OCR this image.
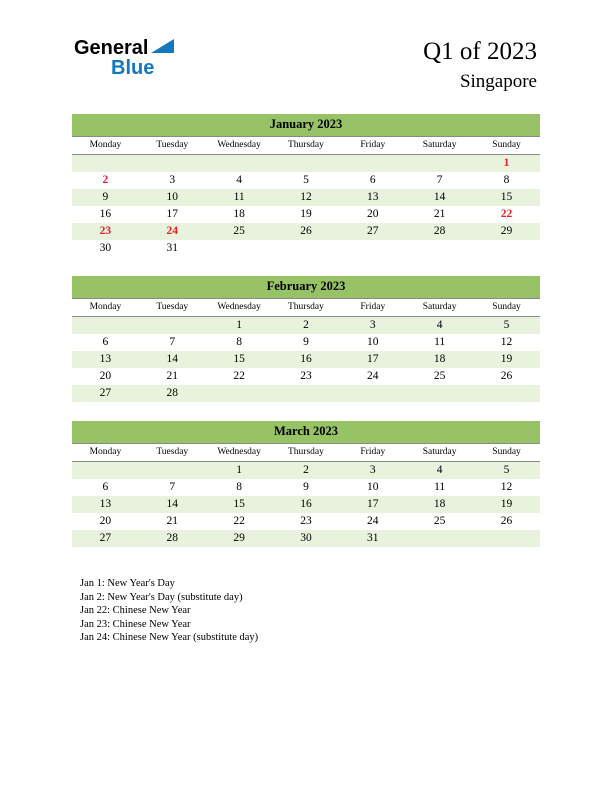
General
Blue
Q1 of 2023
Singapore
January 2023						
Monday	Tuesday	Wednesday	Thursday	Friday	Saturday	Sunday
						1
2	3	4	5	6	7	8
9	10	11	12	13	14	15
16	17	18	19	20	21	22
23	24	25	26	27	28	29
30	31					
February 2023						
Monday	Tuesday	Wednesday	Thursday	Friday	Saturday	Sunday
		1	2	3	4	5
6	7	8	9	10	11	12
13	14	15	16	17	18	19
20	21	22	23	24	25	26
27	28					
March 2023						
Monday	Tuesday	Wednesday	Thursday	Friday	Saturday	Sunday
		1	2	3	4	5
6	7	8	9	10	11	12
13	14	15	16	17	18	19
20	21	22	23	24	25	26
27	28	29	30	31		
Jan 1: New Year's Day
Jan 2: New Year's Day (substitute day)
Jan 22: Chinese New Year
Jan 23: Chinese New Year
Jan 24: Chinese New Year (substitute day)
